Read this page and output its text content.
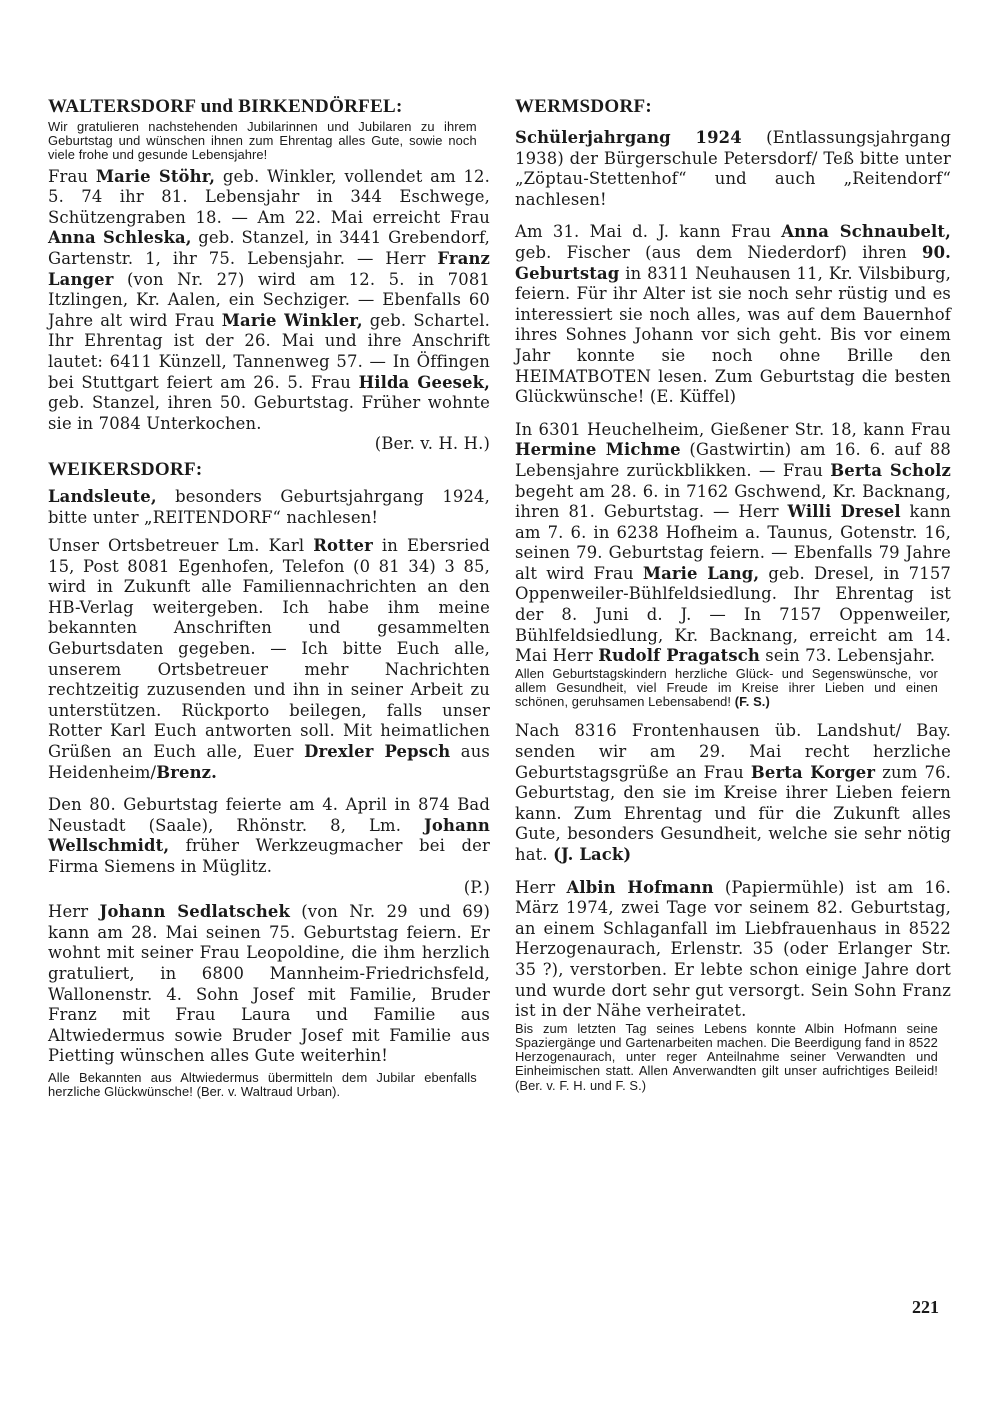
WALTERSDORF und BIRKENDÖRFEL:

Wir gratulieren nachstehenden Jubilarinnen und Jubilaren zu ihrem Geburtstag und wünschen ihnen zum Ehrentag alles Gute, sowie noch viele frohe und gesunde Lebensjahre!

Frau Marie Stöhr, geb. Winkler, vollendet am 12. 5. 74 ihr 81. Lebensjahr in 344 Eschwege, Schützengraben 18. — Am 22. Mai erreicht Frau Anna Schleska, geb. Stanzel, in 3441 Grebendorf, Gartenstr. 1, ihr 75. Lebensjahr. — Herr Franz Langer (von Nr. 27) wird am 12. 5. in 7081 Itzlingen, Kr. Aalen, ein Sechziger. — Ebenfalls 60 Jahre alt wird Frau Marie Winkler, geb. Schartel. Ihr Ehrentag ist der 26. Mai und ihre Anschrift lautet: 6411 Künzell, Tannenweg 57. — In Öffingen bei Stuttgart feiert am 26. 5. Frau Hilda Geesek, geb. Stanzel, ihren 50. Geburtstag. Früher wohnte sie in 7084 Unterkochen.
(Ber. v. H. H.)

WEIKERSDORF:

Landsleute, besonders Geburtsjahrgang 1924, bitte unter „REITENDORF“ nachlesen!

Unser Ortsbetreuer Lm. Karl Rotter in Ebersried 15, Post 8081 Egenhofen, Telefon (0 81 34) 3 85, wird in Zukunft alle Familiennachrichten an den HB-Verlag weitergeben. Ich habe ihm meine bekannten Anschriften und gesammelten Geburtsdaten gegeben. — Ich bitte Euch alle, unserem Ortsbetreuer mehr Nachrichten rechtzeitig zuzusenden und ihn in seiner Arbeit zu unterstützen. Rückporto beilegen, falls unser Rotter Karl Euch antworten soll. Mit heimatlichen Grüßen an Euch alle, Euer Drexler Pepsch aus Heidenheim/Brenz.

Den 80. Geburtstag feierte am 4. April in 874 Bad Neustadt (Saale), Rhönstr. 8, Lm. Johann Wellschmidt, früher Werkzeugmacher bei der Firma Siemens in Müglitz.
(P.)

Herr Johann Sedlatschek (von Nr. 29 und 69) kann am 28. Mai seinen 75. Geburtstag feiern. Er wohnt mit seiner Frau Leopoldine, die ihm herzlich gratuliert, in 6800 Mannheim-Friedrichsfeld, Wallonenstr. 4. Sohn Josef mit Familie, Bruder Franz mit Frau Laura und Familie aus Altwiedermus sowie Bruder Josef mit Familie aus Pietting wünschen alles Gute weiterhin!

Alle Bekannten aus Altwiedermus übermitteln dem Jubilar ebenfalls herzliche Glückwünsche! (Ber. v. Waltraud Urban).

WERMSDORF:

Schülerjahrgang 1924 (Entlassungsjahrgang 1938) der Bürgerschule Petersdorf/ Teß bitte unter „Zöptau-Stettenhof“ und auch „Reitendorf“ nachlesen!

Am 31. Mai d. J. kann Frau Anna Schnaubelt, geb. Fischer (aus dem Niederdorf) ihren 90. Geburtstag in 8311 Neuhausen 11, Kr. Vilsbiburg, feiern. Für ihr Alter ist sie noch sehr rüstig und es interessiert sie noch alles, was auf dem Bauernhof ihres Sohnes Johann vor sich geht. Bis vor einem Jahr konnte sie noch ohne Brille den HEIMATBOTEN lesen. Zum Geburtstag die besten Glückwünsche! (E. Küffel)

In 6301 Heuchelheim, Gießener Str. 18, kann Frau Hermine Michme (Gastwirtin) am 16. 6. auf 88 Lebensjahre zurückblikken. — Frau Berta Scholz begeht am 28. 6. in 7162 Gschwend, Kr. Backnang, ihren 81. Geburtstag. — Herr Willi Dresel kann am 7. 6. in 6238 Hofheim a. Taunus, Gotenstr. 16, seinen 79. Geburtstag feiern. — Ebenfalls 79 Jahre alt wird Frau Marie Lang, geb. Dresel, in 7157 Oppenweiler-Bühlfeldsiedlung. Ihr Ehrentag ist der 8. Juni d. J. — In 7157 Oppenweiler, Bühlfeldsiedlung, Kr. Backnang, erreicht am 14. Mai Herr Rudolf Pragatsch sein 73. Lebensjahr.

Allen Geburtstagskindern herzliche Glück- und Segenswünsche, vor allem Gesundheit, viel Freude im Kreise ihrer Lieben und einen schönen, geruhsamen Lebensabend! (F. S.)

Nach 8316 Frontenhausen üb. Landshut/ Bay. senden wir am 29. Mai recht herzliche Geburtstagsgrüße an Frau Berta Korger zum 76. Geburtstag, den sie im Kreise ihrer Lieben feiern kann. Zum Ehrentag und für die Zukunft alles Gute, besonders Gesundheit, welche sie sehr nötig hat. (J. Lack)

Herr Albin Hofmann (Papiermühle) ist am 16. März 1974, zwei Tage vor seinem 82. Geburtstag, an einem Schlaganfall im Liebfrauenhaus in 8522 Herzogenaurach, Erlenstr. 35 (oder Erlanger Str. 35 ?), verstorben. Er lebte schon einige Jahre dort und wurde dort sehr gut versorgt. Sein Sohn Franz ist in der Nähe verheiratet.

Bis zum letzten Tag seines Lebens konnte Albin Hofmann seine Spaziergänge und Gartenarbeiten machen. Die Beerdigung fand in 8522 Herzogenaurach, unter reger Anteilnahme seiner Verwandten und Einheimischen statt. Allen Anverwandten gilt unser aufrichtiges Beileid! (Ber. v. F. H. und F. S.)

221
